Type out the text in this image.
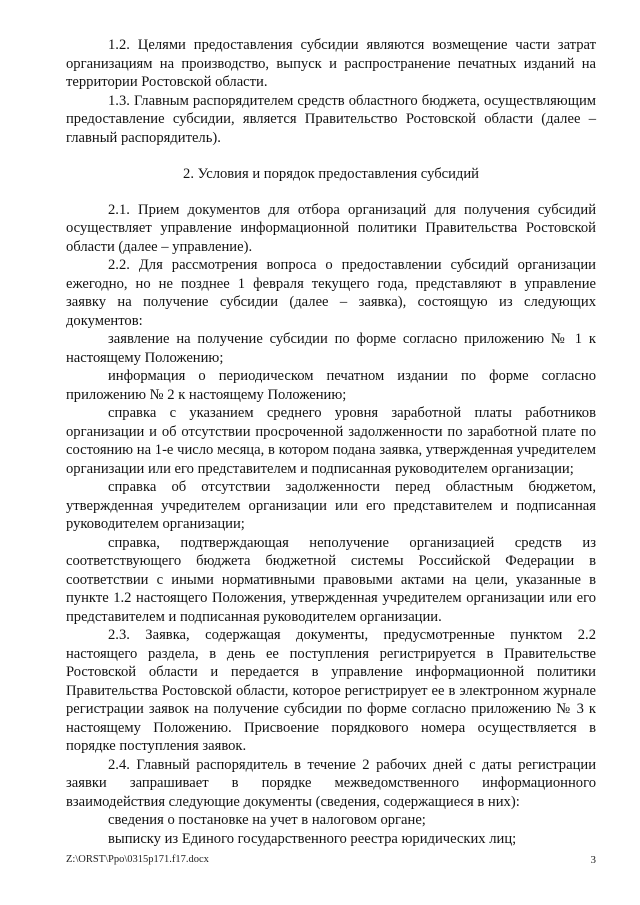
1.2. Целями предоставления субсидии являются возмещение части затрат организациям на производство, выпуск и распространение печатных изданий на территории Ростовской области.

1.3. Главным распорядителем средств областного бюджета, осуществляющим предоставление субсидии, является Правительство Ростовской области (далее – главный распорядитель).

2. Условия и порядок предоставления субсидий

2.1. Прием документов для отбора организаций для получения субсидий осуществляет управление информационной политики Правительства Ростовской области (далее – управление).

2.2. Для рассмотрения вопроса о предоставлении субсидий организации ежегодно, но не позднее 1 февраля текущего года, представляют в управление заявку на получение субсидии (далее – заявка), состоящую из следующих документов:

заявление на получение субсидии по форме согласно приложению № 1 к настоящему Положению;

информация о периодическом печатном издании по форме согласно приложению № 2 к настоящему Положению;

справка с указанием среднего уровня заработной платы работников организации и об отсутствии просроченной задолженности по заработной плате по состоянию на 1-е число месяца, в котором подана заявка, утвержденная учредителем организации или его представителем и подписанная руководителем организации;

справка об отсутствии задолженности перед областным бюджетом, утвержденная учредителем организации или его представителем и подписанная руководителем организации;

справка, подтверждающая неполучение организацией средств из соответствующего бюджета бюджетной системы Российской Федерации в соответствии с иными нормативными правовыми актами на цели, указанные в пункте 1.2 настоящего Положения, утвержденная учредителем организации или его представителем и подписанная руководителем организации.

2.3. Заявка, содержащая документы, предусмотренные пунктом 2.2 настоящего раздела, в день ее поступления регистрируется в Правительстве Ростовской области и передается в управление информационной политики Правительства Ростовской области, которое регистрирует ее в электронном журнале регистрации заявок на получение субсидии по форме согласно приложению № 3 к настоящему Положению. Присвоение порядкового номера осуществляется в порядке поступления заявок.

2.4. Главный распорядитель в течение 2 рабочих дней с даты регистрации заявки запрашивает в порядке межведомственного информационного взаимодействия следующие документы (сведения, содержащиеся в них):

сведения о постановке на учет в налоговом органе;

выписку из Единого государственного реестра юридических лиц;

Z:\ORST\Ppo\0315p171.f17.docx	3
